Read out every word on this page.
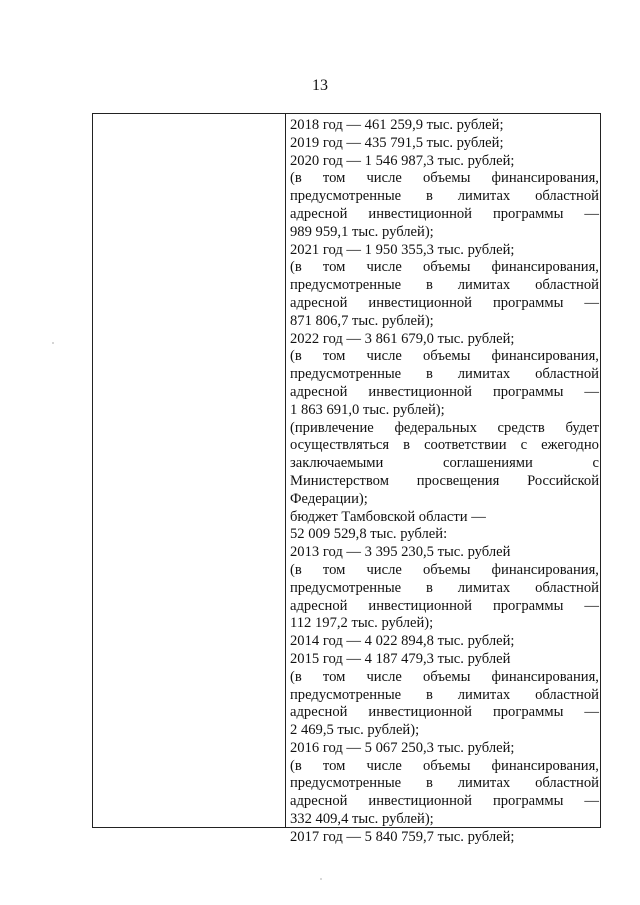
13
2018 год — 461 259,9 тыс. рублей;
2019 год — 435 791,5 тыс. рублей;
2020 год — 1 546 987,3 тыс. рублей;
(в том числе объемы финансирования,
предусмотренные в лимитах областной
адресной инвестиционной программы —
989 959,1 тыс. рублей);
2021 год — 1 950 355,3 тыс. рублей;
(в том числе объемы финансирования,
предусмотренные в лимитах областной
адресной инвестиционной программы —
871 806,7 тыс. рублей);
2022 год — 3 861 679,0 тыс. рублей;
(в том числе объемы финансирования,
предусмотренные в лимитах областной
адресной инвестиционной программы —
1 863 691,0 тыс. рублей);
(привлечение федеральных средств будет
осуществляться в соответствии с ежегодно
заключаемыми	соглашениями	с
Министерством просвещения Российской
Федерации);
бюджет Тамбовской области —
52 009 529,8 тыс. рублей:
2013 год — 3 395 230,5 тыс. рублей
(в том числе объемы финансирования,
предусмотренные в лимитах областной
адресной инвестиционной программы —
112 197,2 тыс. рублей);
2014 год — 4 022 894,8 тыс. рублей;
2015 год — 4 187 479,3 тыс. рублей
(в том числе объемы финансирования,
предусмотренные в лимитах областной
адресной инвестиционной программы —
2 469,5 тыс. рублей);
2016 год — 5 067 250,3 тыс. рублей;
(в том числе объемы финансирования,
предусмотренные в лимитах областной
адресной инвестиционной программы —
332 409,4 тыс. рублей);
2017 год — 5 840 759,7 тыс. рублей;
